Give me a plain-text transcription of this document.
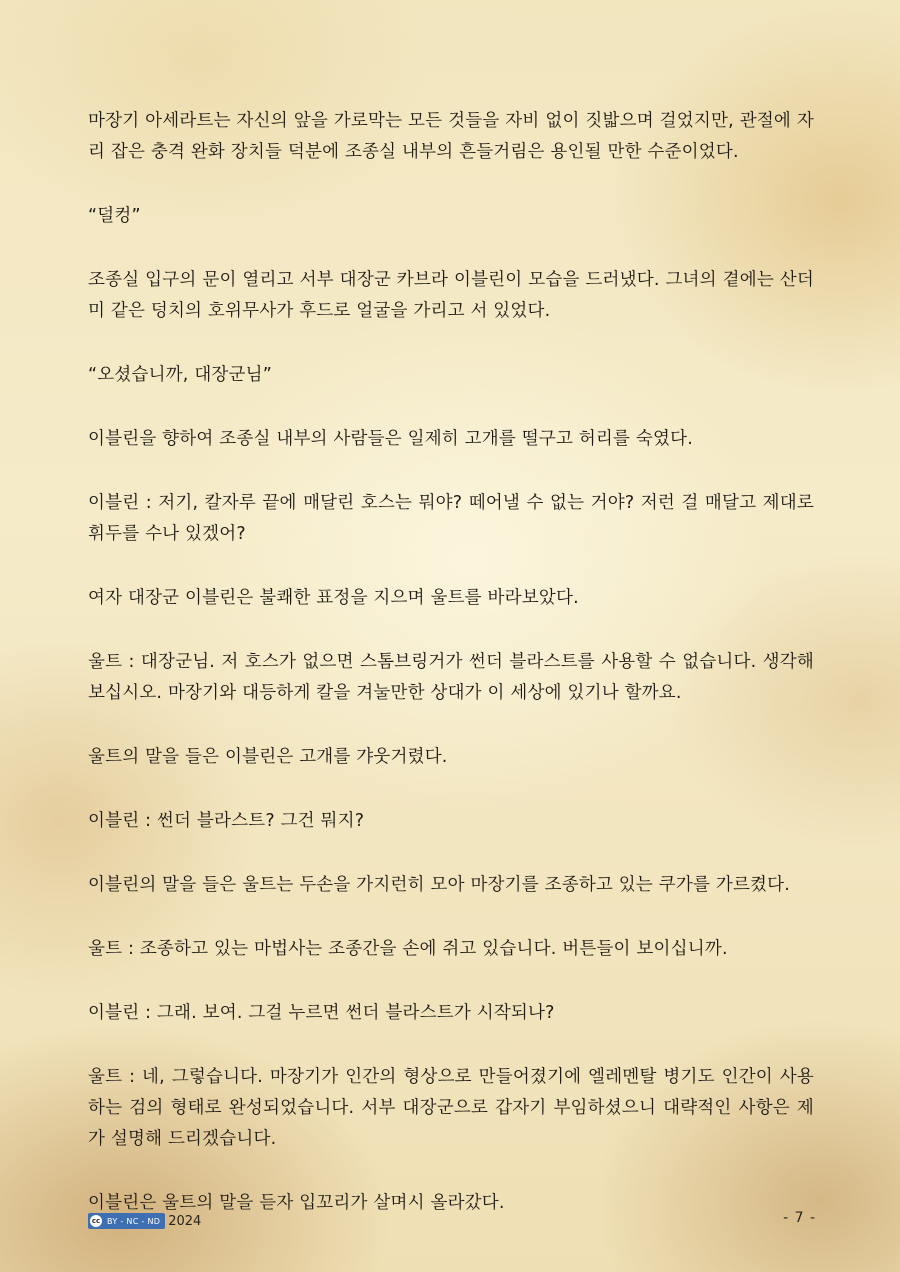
마장기 아세라트는 자신의 앞을 가로막는 모든 것들을 자비 없이 짓밟으며 걸었지만, 관절에 자리 잡은 충격 완화 장치들 덕분에 조종실 내부의 흔들거림은 용인될 만한 수준이었다.

“덜컹”

조종실 입구의 문이 열리고 서부 대장군 카브라 이블린이 모습을 드러냈다. 그녀의 곁에는 산더미 같은 덩치의 호위무사가 후드로 얼굴을 가리고 서 있었다.

“오셨습니까, 대장군님”

이블린을 향하여 조종실 내부의 사람들은 일제히 고개를 떨구고 허리를 숙였다.

이블린 : 저기, 칼자루 끝에 매달린 호스는 뭐야? 떼어낼 수 없는 거야? 저런 걸 매달고 제대로 휘두를 수나 있겠어?

여자 대장군 이블린은 불쾌한 표정을 지으며 울트를 바라보았다.

울트 : 대장군님. 저 호스가 없으면 스톰브링거가 썬더 블라스트를 사용할 수 없습니다. 생각해보십시오. 마장기와 대등하게 칼을 겨눌만한 상대가 이 세상에 있기나 할까요.

울트의 말을 들은 이블린은 고개를 갸웃거렸다.

이블린 : 썬더 블라스트? 그건 뭐지?

이블린의 말을 들은 울트는 두손을 가지런히 모아 마장기를 조종하고 있는 쿠가를 가르켰다.

울트 : 조종하고 있는 마법사는 조종간을 손에 쥐고 있습니다. 버튼들이 보이십니까.

이블린 : 그래. 보여. 그걸 누르면 썬더 블라스트가 시작되나?

울트 : 네, 그렇습니다. 마장기가 인간의 형상으로 만들어졌기에 엘레멘탈 병기도 인간이 사용하는 검의 형태로 완성되었습니다. 서부 대장군으로 갑자기 부임하셨으니 대략적인 사항은 제가 설명해 드리겠습니다.

이블린은 울트의 말을 듣자 입꼬리가 살며시 올라갔다.

cc BY - NC - ND 2024	- 7 -
